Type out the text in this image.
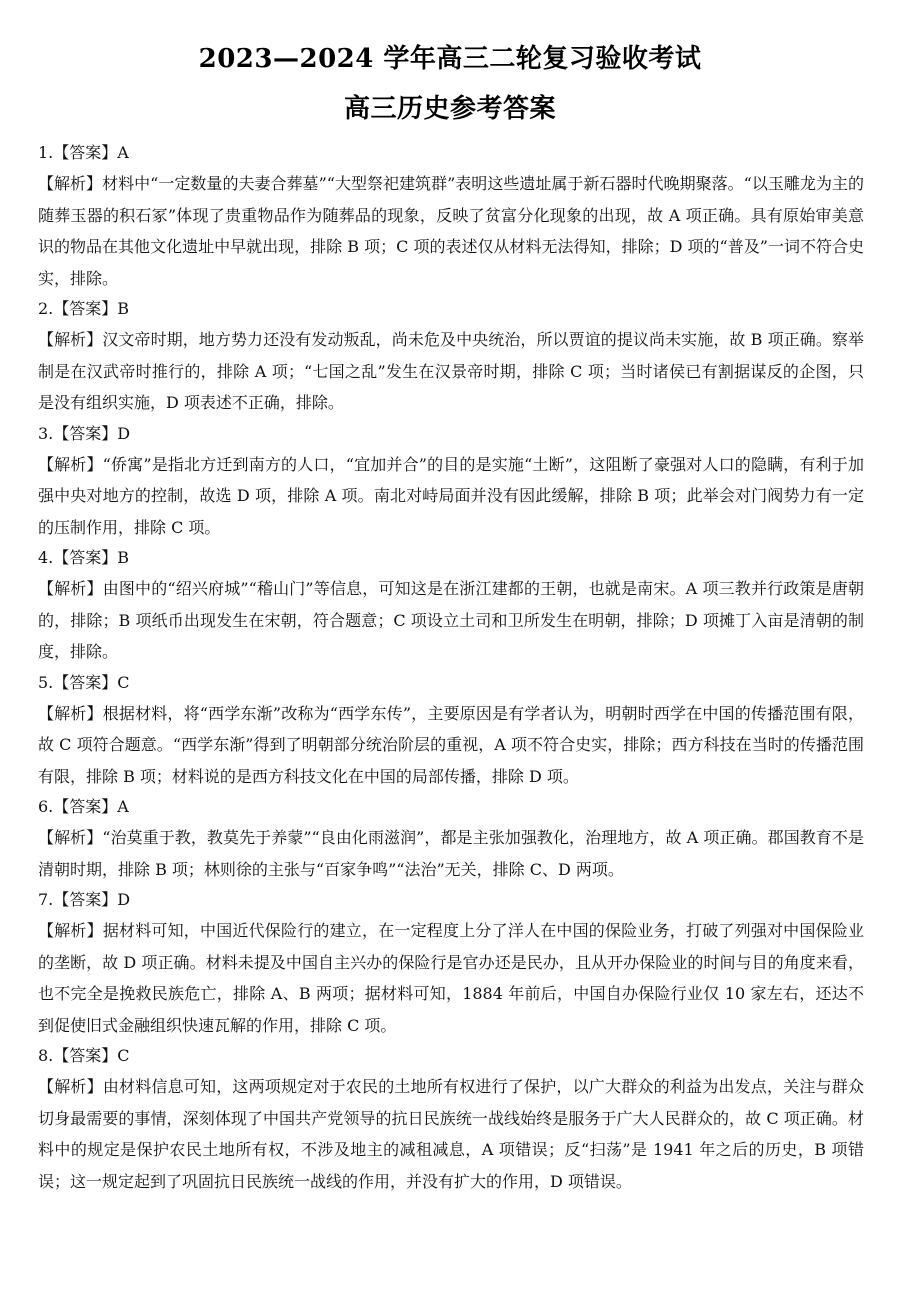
2023—2024 学年高三二轮复习验收考试
高三历史参考答案
1.【答案】A

【解析】材料中“一定数量的夫妻合葬墓”“大型祭祀建筑群”表明这些遗址属于新石器时代晚期聚落。“以玉雕龙为主的随葬玉器的积石冢”体现了贵重物品作为随葬品的现象，反映了贫富分化现象的出现，故 A 项正确。具有原始审美意识的物品在其他文化遗址中早就出现，排除 B 项；C 项的表述仅从材料无法得知，排除；D 项的“普及”一词不符合史实，排除。

2.【答案】B

【解析】汉文帝时期，地方势力还没有发动叛乱，尚未危及中央统治，所以贾谊的提议尚未实施，故 B 项正确。察举制是在汉武帝时推行的，排除 A 项；“七国之乱”发生在汉景帝时期，排除 C 项；当时诸侯已有割据谋反的企图，只是没有组织实施，D 项表述不正确，排除。

3.【答案】D

【解析】“侨寓”是指北方迁到南方的人口，“宜加并合”的目的是实施“土断”，这阻断了豪强对人口的隐瞒，有利于加强中央对地方的控制，故选 D 项，排除 A 项。南北对峙局面并没有因此缓解，排除 B 项；此举会对门阀势力有一定的压制作用，排除 C 项。

4.【答案】B

【解析】由图中的“绍兴府城”“稽山门”等信息，可知这是在浙江建都的王朝，也就是南宋。A 项三教并行政策是唐朝的，排除；B 项纸币出现发生在宋朝，符合题意；C 项设立土司和卫所发生在明朝，排除；D 项摊丁入亩是清朝的制度，排除。

5.【答案】C

【解析】根据材料，将“西学东渐”改称为“西学东传”，主要原因是有学者认为，明朝时西学在中国的传播范围有限，故 C 项符合题意。“西学东渐”得到了明朝部分统治阶层的重视，A 项不符合史实，排除；西方科技在当时的传播范围有限，排除 B 项；材料说的是西方科技文化在中国的局部传播，排除 D 项。

6.【答案】A

【解析】“治莫重于教，教莫先于养蒙”“良由化雨滋润”，都是主张加强教化，治理地方，故 A 项正确。郡国教育不是清朝时期，排除 B 项；林则徐的主张与“百家争鸣”“法治”无关，排除 C、D 两项。

7.【答案】D

【解析】据材料可知，中国近代保险行的建立，在一定程度上分了洋人在中国的保险业务，打破了列强对中国保险业的垄断，故 D 项正确。材料未提及中国自主兴办的保险行是官办还是民办，且从开办保险业的时间与目的角度来看，也不完全是挽救民族危亡，排除 A、B 两项；据材料可知，1884 年前后，中国自办保险行业仅 10 家左右，还达不到促使旧式金融组织快速瓦解的作用，排除 C 项。

8.【答案】C

【解析】由材料信息可知，这两项规定对于农民的土地所有权进行了保护，以广大群众的利益为出发点，关注与群众切身最需要的事情，深刻体现了中国共产党领导的抗日民族统一战线始终是服务于广大人民群众的，故 C 项正确。材料中的规定是保护农民土地所有权，不涉及地主的减租减息，A 项错误；反“扫荡”是 1941 年之后的历史，B 项错误；这一规定起到了巩固抗日民族统一战线的作用，并没有扩大的作用，D 项错误。
